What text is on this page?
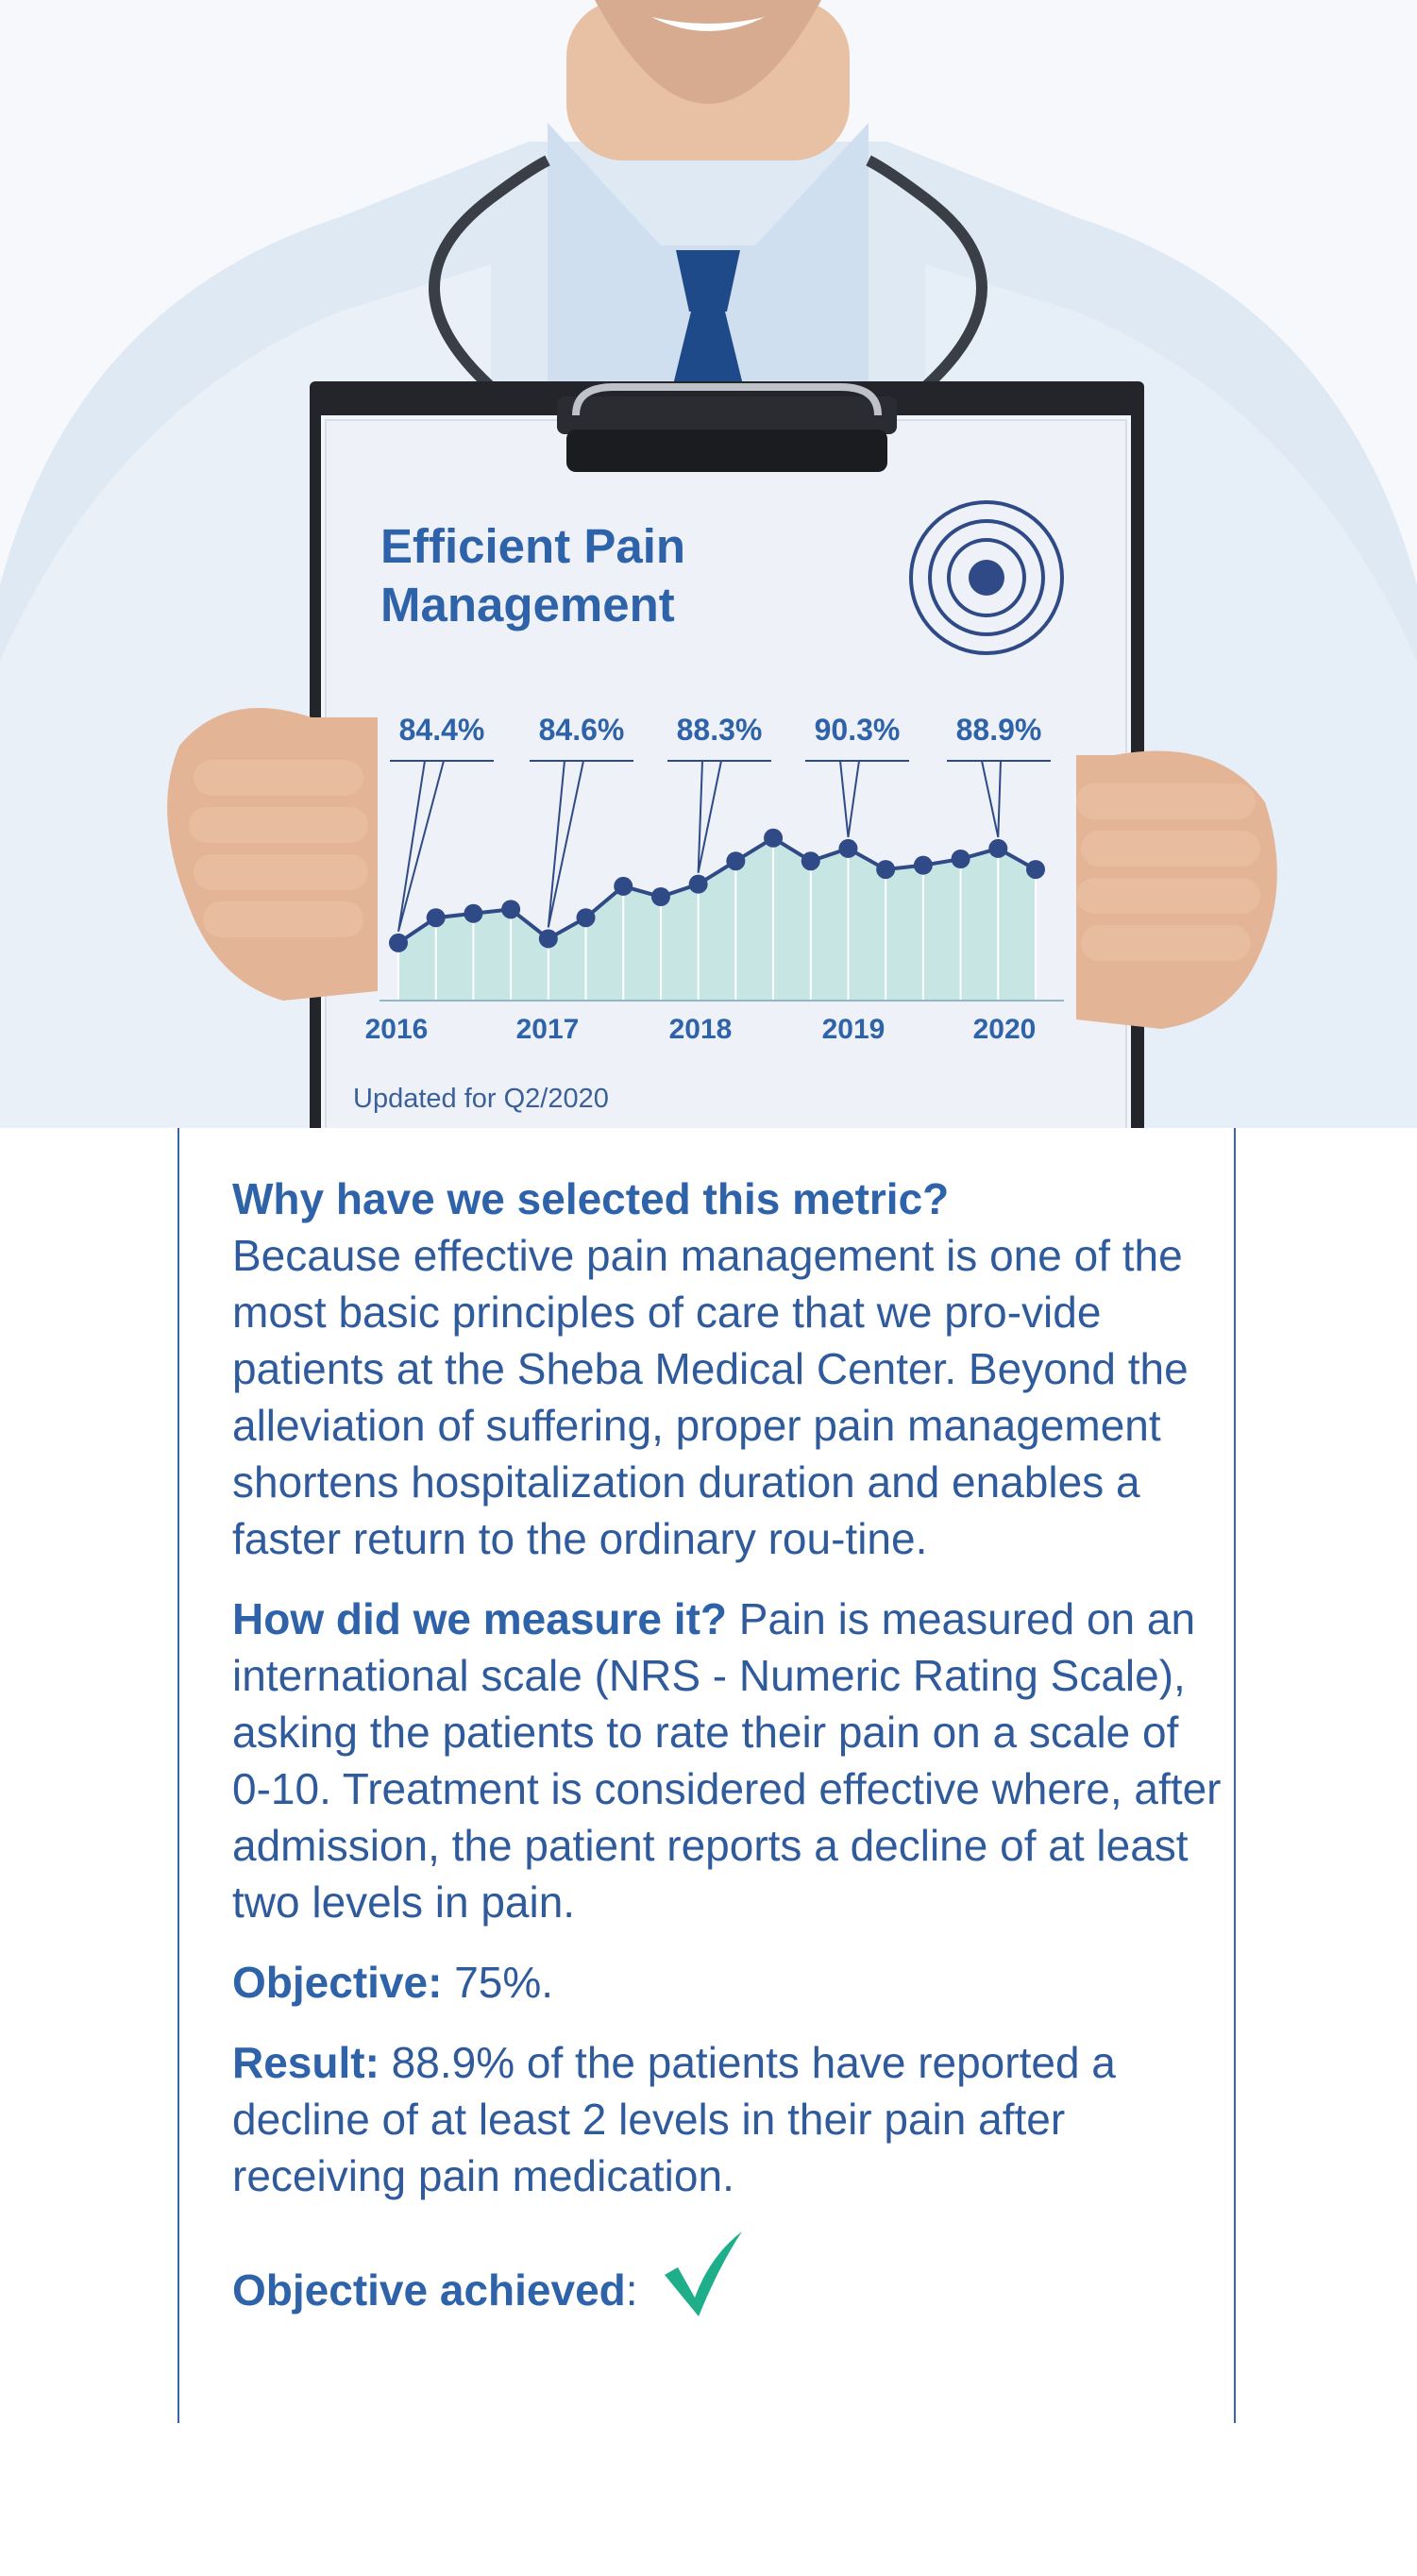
84.4% 84.6% 88.3% 90.3% 88.9%
2016	2017	2018	2019	2020
Efficient Pain Management
Updated for Q2/2020

Why have we selected this metric?
Because effective pain management is one of the most basic principles of care that we pro-vide patients at the Sheba Medical Center. Beyond the alleviation of suffering, proper pain management shortens hospitalization duration and enables a faster return to the ordinary rou-tine.

How did we measure it? Pain is measured on an international scale (NRS - Numeric Rating Scale), asking the patients to rate their pain on a scale of 0-10. Treatment is considered effective where, after admission, the patient reports a decline of at least two levels in pain.

Objective: 75%.

Result: 88.9% of the patients have reported a decline of at least 2 levels in their pain after receiving pain medication.

Objective achieved:
